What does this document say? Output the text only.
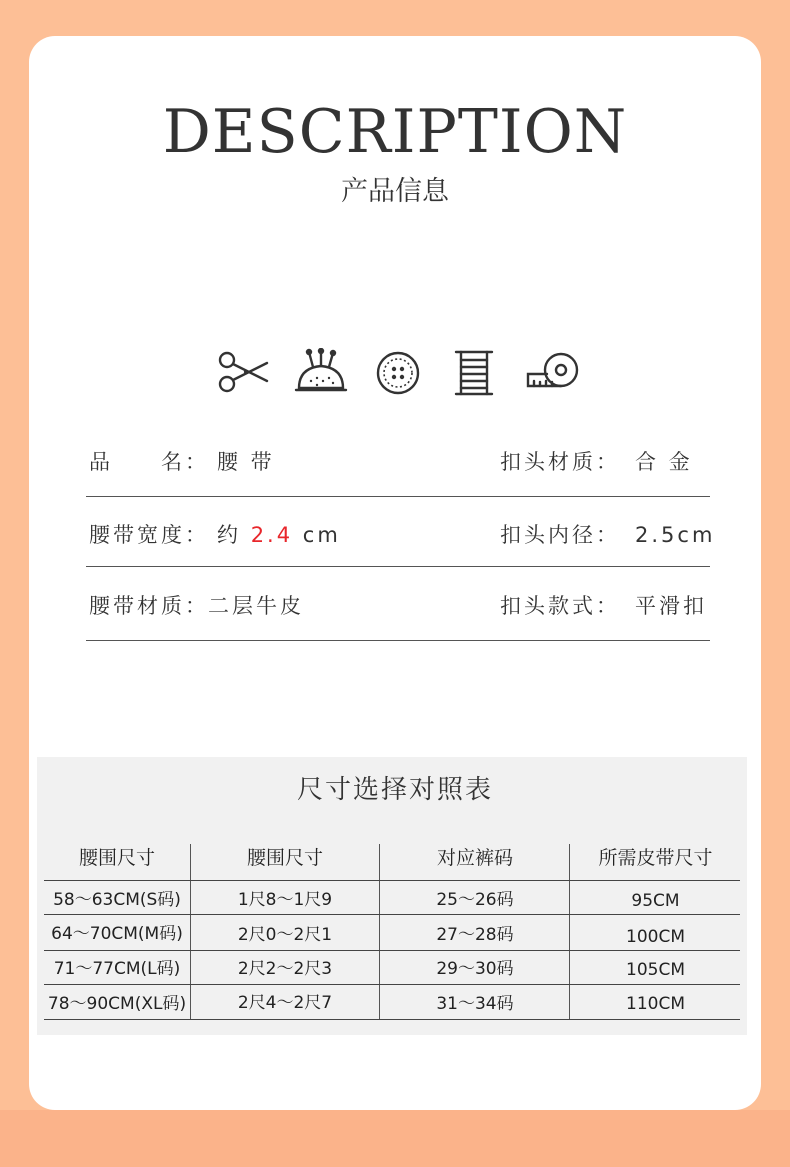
DESCRIPTION
产品信息
品　　名： 腰 带	扣头材质： 合 金
腰带宽度： 约 2.4 cm	扣头内径： 2.5cm
腰带材质： 二层牛皮	扣头款式： 平滑扣
尺寸选择对照表
腰围尺寸	腰围尺寸	对应裤码	所需皮带尺寸
58～63CM(S码)	1尺8～1尺9	25～26码	95CM
64～70CM(M码)	2尺0～2尺1	27～28码	100CM
71～77CM(L码)	2尺2～2尺3	29～30码	105CM
78～90CM(XL码)	2尺4～2尺7	31～34码	110CM
